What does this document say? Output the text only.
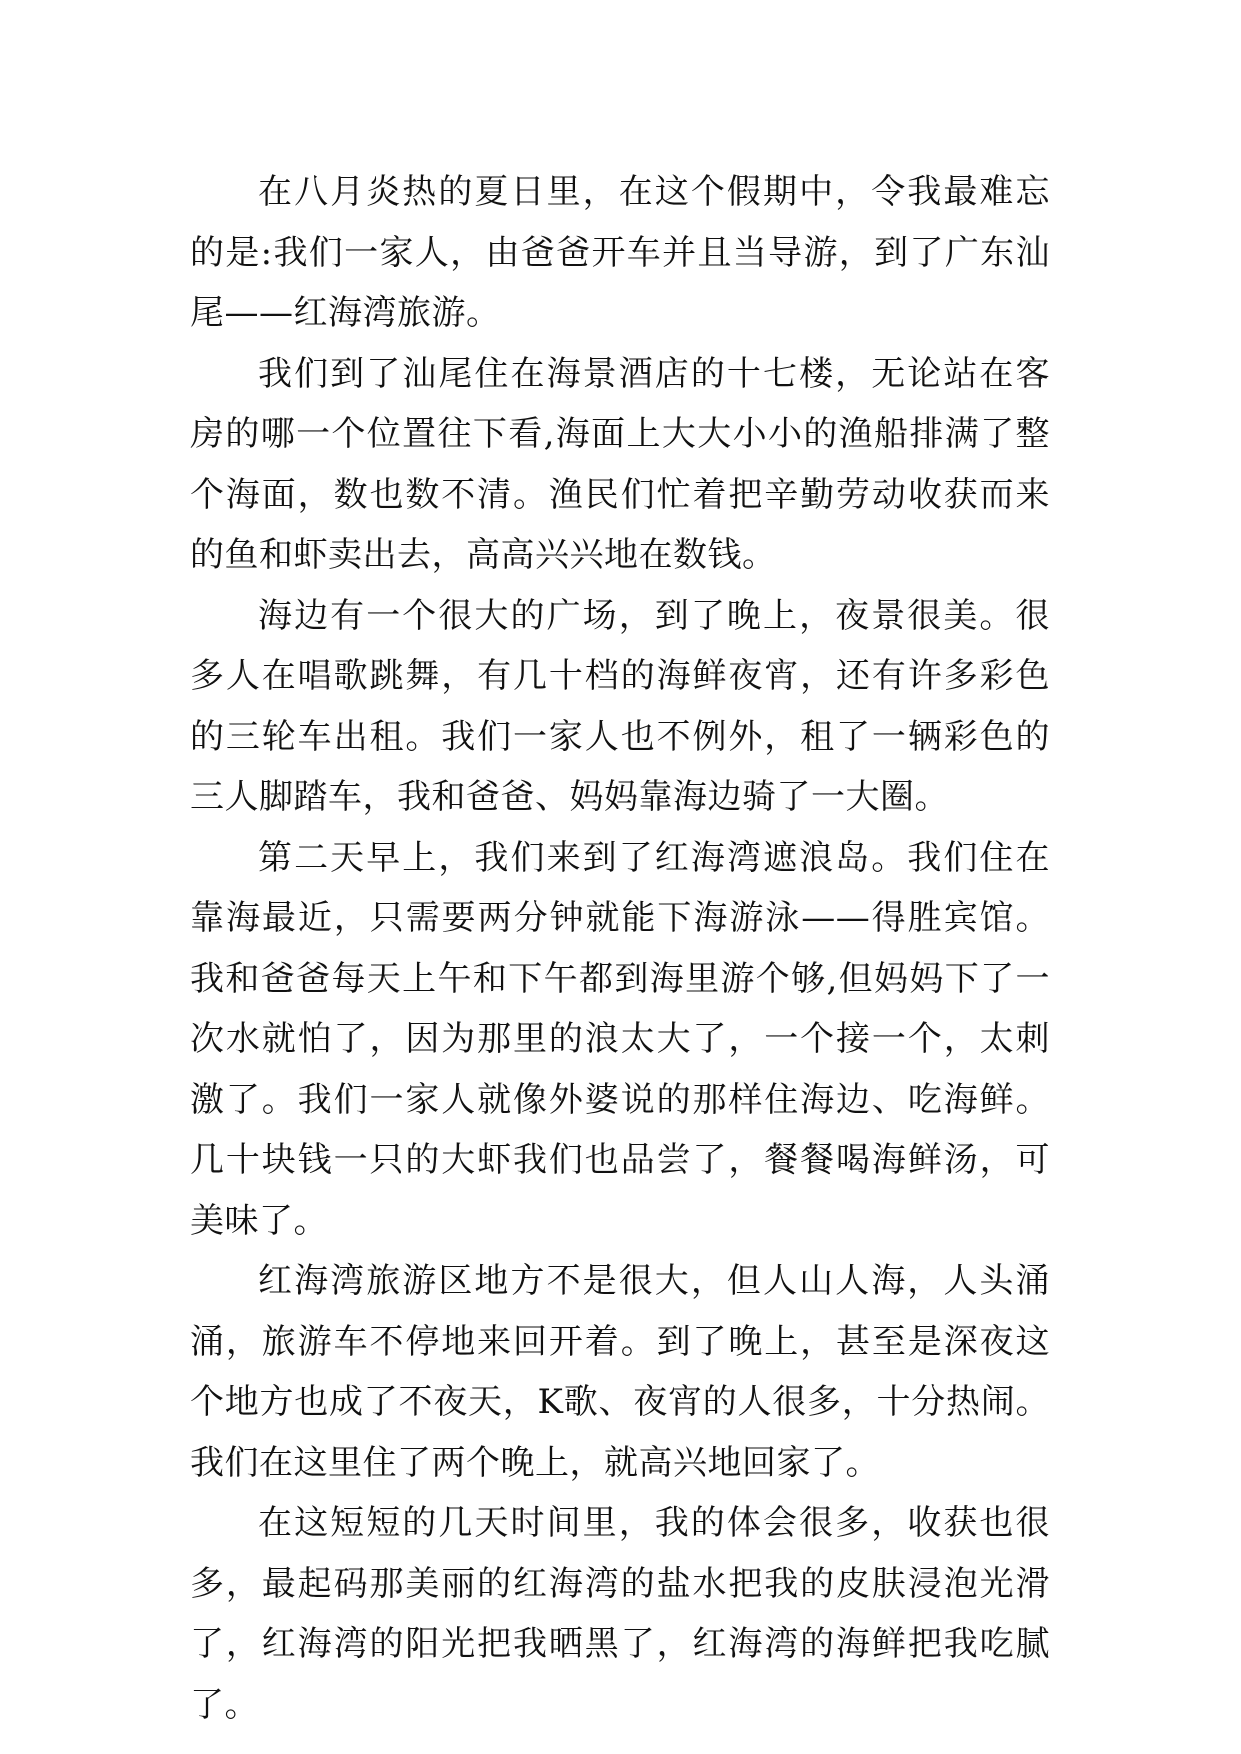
在八月炎热的夏日里，在这个假期中，令我最难忘的是:我们一家人，由爸爸开车并且当导游，到了广东汕尾——红海湾旅游。

我们到了汕尾住在海景酒店的十七楼，无论站在客房的哪一个位置往下看,海面上大大小小的渔船排满了整个海面，数也数不清。渔民们忙着把辛勤劳动收获而来的鱼和虾卖出去，高高兴兴地在数钱。

海边有一个很大的广场，到了晚上，夜景很美。很多人在唱歌跳舞，有几十档的海鲜夜宵，还有许多彩色的三轮车出租。我们一家人也不例外，租了一辆彩色的三人脚踏车，我和爸爸、妈妈靠海边骑了一大圈。

第二天早上，我们来到了红海湾遮浪岛。我们住在靠海最近，只需要两分钟就能下海游泳——得胜宾馆。我和爸爸每天上午和下午都到海里游个够,但妈妈下了一次水就怕了，因为那里的浪太大了，一个接一个，太刺激了。我们一家人就像外婆说的那样住海边、吃海鲜。几十块钱一只的大虾我们也品尝了，餐餐喝海鲜汤，可美味了。

红海湾旅游区地方不是很大，但人山人海，人头涌涌，旅游车不停地来回开着。到了晚上，甚至是深夜这个地方也成了不夜天，K歌、夜宵的人很多，十分热闹。我们在这里住了两个晚上，就高兴地回家了。

在这短短的几天时间里，我的体会很多，收获也很多，最起码那美丽的红海湾的盐水把我的皮肤浸泡光滑了，红海湾的阳光把我晒黑了，红海湾的海鲜把我吃腻了。
